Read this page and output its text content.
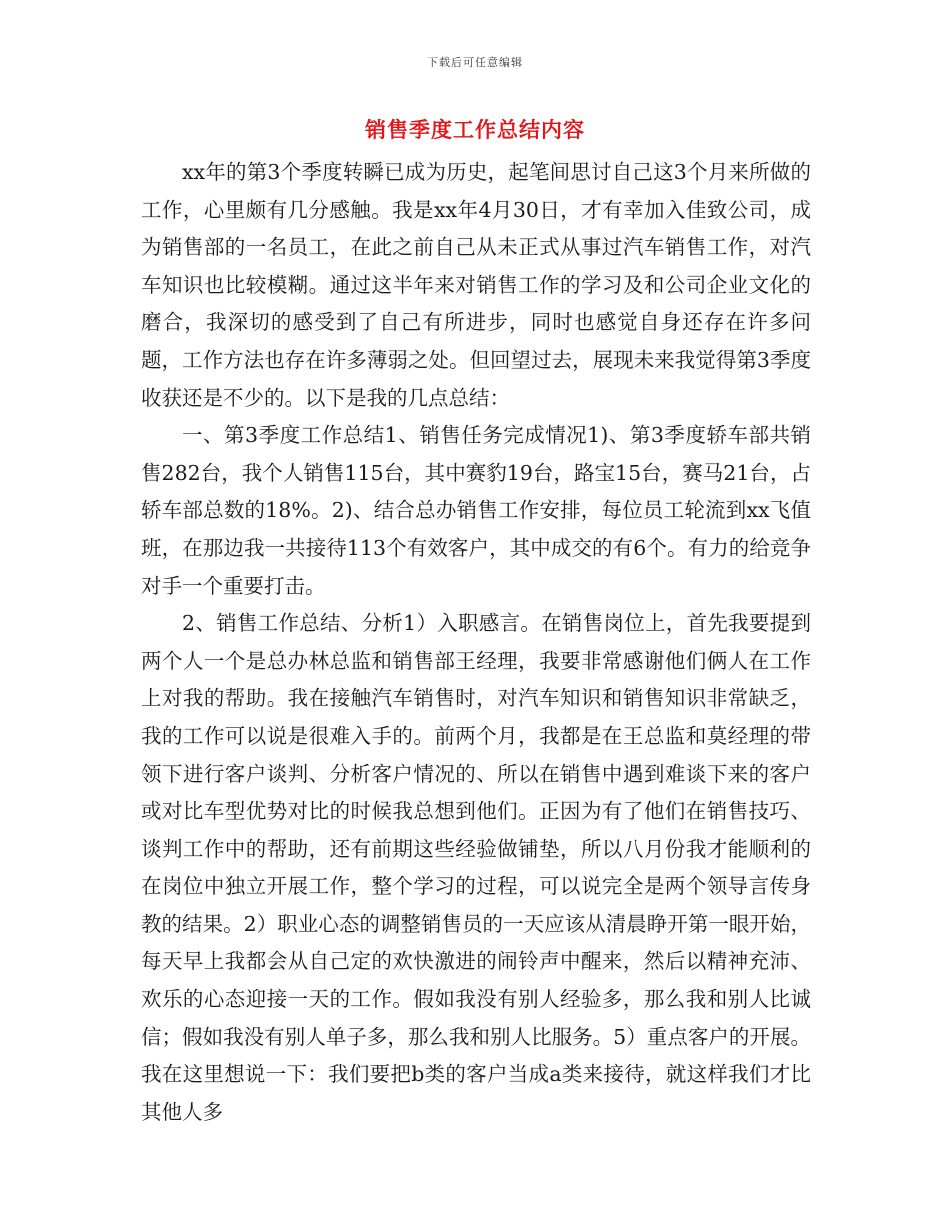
下载后可任意编辑
销售季度工作总结内容

xx年的第3个季度转瞬已成为历史，起笔间思讨自己这3个月来所做的工作，心里颇有几分感触。我是xx年4月30日，才有幸加入佳致公司，成为销售部的一名员工，在此之前自己从未正式从事过汽车销售工作，对汽车知识也比较模糊。通过这半年来对销售工作的学习及和公司企业文化的磨合，我深切的感受到了自己有所进步，同时也感觉自身还存在许多问题，工作方法也存在许多薄弱之处。但回望过去，展现未来我觉得第3季度收获还是不少的。以下是我的几点总结：

一、第3季度工作总结1、销售任务完成情况1)、第3季度轿车部共销售282台，我个人销售115台，其中赛豹19台，路宝15台，赛马21台，占轿车部总数的18%。2)、结合总办销售工作安排，每位员工轮流到xx飞值班，在那边我一共接待113个有效客户，其中成交的有6个。有力的给竞争对手一个重要打击。

2、销售工作总结、分析1）入职感言。在销售岗位上，首先我要提到两个人一个是总办林总监和销售部王经理，我要非常感谢他们俩人在工作上对我的帮助。我在接触汽车销售时，对汽车知识和销售知识非常缺乏，我的工作可以说是很难入手的。前两个月，我都是在王总监和莫经理的带领下进行客户谈判、分析客户情况的、所以在销售中遇到难谈下来的客户或对比车型优势对比的时候我总想到他们。正因为有了他们在销售技巧、谈判工作中的帮助，还有前期这些经验做铺垫，所以八月份我才能顺利的在岗位中独立开展工作，整个学习的过程，可以说完全是两个领导言传身教的结果。2）职业心态的调整销售员的一天应该从清晨睁开第一眼开始，每天早上我都会从自己定的欢快激进的闹铃声中醒来，然后以精神充沛、欢乐的心态迎接一天的工作。假如我没有别人经验多，那么我和别人比诚信；假如我没有别人单子多，那么我和别人比服务。5）重点客户的开展。我在这里想说一下：我们要把b类的客户当成a类来接待，就这样我们才比其他人多
